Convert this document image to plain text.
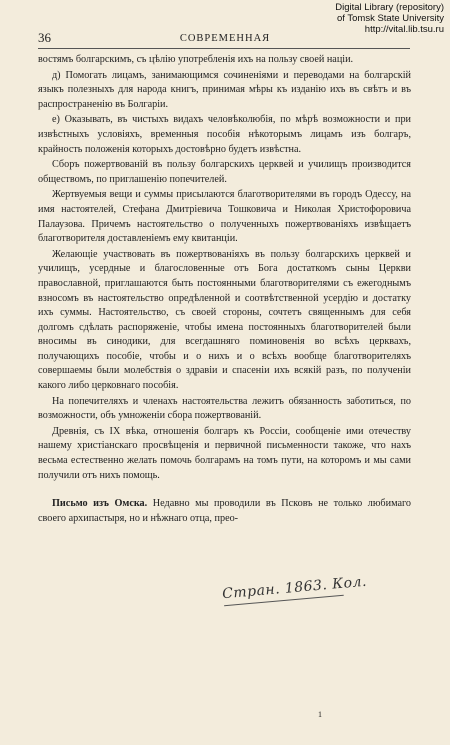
Digital Library (repository)
of Tomsk State University
http://vital.lib.tsu.ru
36	СОВРЕМЕННАЯ

востямъ болгарскимъ, съ цѣлію употребленія ихъ на пользу своей націи.

д) Помогать лицамъ, занимающимся сочиненіями и переводами на болгарскій языкъ полезныхъ для народа книгъ, принимая мѣры къ изданію ихъ въ свѣтъ и въ распространенію въ Болгаріи.

е) Оказывать, въ чистыхъ видахъ человѣколюбія, по мѣрѣ возможности и при извѣстныхъ условіяхъ, временныя пособія нѣкоторымъ лицамъ изъ болгаръ, крайность положенія которыхъ достовѣрно будетъ извѣстна.

Сборъ пожертвованій въ пользу болгарскихъ церквей и училищъ производится обществомъ, по приглашенію попечителей.

Жертвуемыя вещи и суммы присылаются благотворителями въ городъ Одессу, на имя настоятелей, Стефана Дмитріевича Тошковича и Николая Христофоровича Палаузова. Причемъ настоятельство о полученныхъ пожертвованіяхъ извѣщаетъ благотворителя доставленіемъ ему квитанціи.

Желающіе участвовать въ пожертвованіяхъ въ пользу болгарскихъ церквей и училищъ, усердные и благословенные отъ Бога достаткомъ сыны Церкви православной, приглашаются быть постоянными благотворителями съ ежегоднымъ взносомъ въ настоятельство опредѣленной и соотвѣтственной усердію и достатку ихъ суммы. Настоятельство, съ своей стороны, сочтетъ священнымъ для себя долгомъ сдѣлать распоряженіе, чтобы имена постоянныхъ благотворителей были вносимы въ синодики, для всегдашняго поминовенія во всѣхъ церквахъ, получающихъ пособіе, чтобы и о нихъ и о всѣхъ вообще благотворителяхъ совершаемы были молебствія о здравіи и спасеніи ихъ всякій разъ, по полученіи какого либо церковнаго пособія.

На попечителяхъ и членахъ настоятельства лежитъ обязанность заботиться, по возможности, объ умноженіи сбора пожертвованій.

Древнія, съ IX вѣка, отношенія болгаръ къ Россіи, сообщеніе ими отечеству нашему христіанскаго просвѣщенія и первичной письменности такоже, что нахъ весьма естественно желать помочь болгарамъ на томъ пути, на которомъ и мы сами получили отъ нихъ помощь.

Письмо изъ Омска. Недавно мы проводили въ Псковъ не только любимаго своего архипастыря, но и нѣжнаго отца, прео-

Стран. 1863. Кол.
1
